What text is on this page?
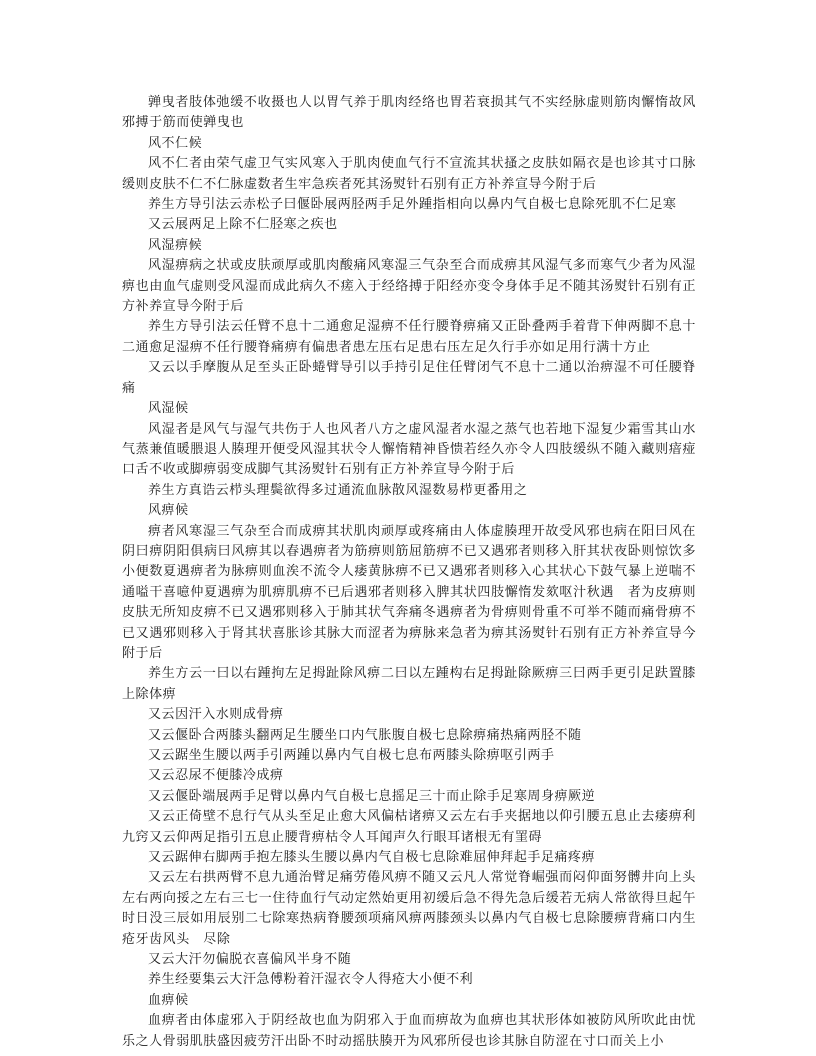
亸曳者肢体弛缓不收摄也人以胃气养于肌肉经络也胃若衰损其气不实经脉虚则筋肉懈惰故风邪搏于筋而使亸曳也

风不仁候

风不仁者由荣气虚卫气实风寒入于肌肉使血气行不宣流其状搔之皮肤如隔衣是也诊其寸口脉缓则皮肤不仁不仁脉虚数者生牢急疾者死其汤熨针石别有正方补养宣导今附于后

养生方导引法云赤松子曰偃卧展两胫两手足外踵指相向以鼻内气自极七息除死肌不仁足寒

又云展两足上除不仁胫寒之疾也

风湿痹候

风湿痹病之状或皮肤顽厚或肌肉酸痛风寒湿三气杂至合而成痹其风湿气多而寒气少者为风湿痹也由血气虚则受风湿而成此病久不瘥入于经络搏于阳经亦变令身体手足不随其汤熨针石别有正方补养宣导今附于后

养生方导引法云任臂不息十二通愈足湿痹不任行腰脊痹痛又正卧叠两手着背下伸两脚不息十二通愈足湿痹不任行腰脊痛痹有偏患者患左压右足患右压左足久行手亦如足用行满十方止

又云以手摩腹从足至头正卧蜷臂导引以手持引足住任臂闭气不息十二通以治痹湿不可任腰脊痛

风湿候

风湿者是风气与湿气共伤于人也风者八方之虚风湿者水湿之蒸气也若地下湿复少霜雪其山水气蒸兼值暖腲退人腠理开便受风湿其状令人懈惰精神昏愦若经久亦令人四肢缓纵不随入藏则瘖痖口舌不收或脚痹弱变成脚气其汤熨针石别有正方补养宣导今附于后

养生方真诰云栉头理鬓欲得多过通流血脉散风湿数易栉更番用之

风痹候

痹者风寒湿三气杂至合而成痹其状肌肉顽厚或疼痛由人体虚腠理开故受风邪也病在阳曰风在阴曰痹阴阳俱病曰风痹其以春遇痹者为筋痹则筋屈筋痹不已又遇邪者则移入肝其状夜卧则惊饮多小便数夏遇痹者为脉痹则血涘不流令人痿黄脉痹不已又遇邪者则移入心其状心下鼓气暴上逆喘不通嗌干喜噫仲夏遇痹为肌痹肌痹不已后遇邪者则移入脾其状四肢懈惰发欬呕汁秋遇　者为皮痹则皮肤无所知皮痹不已又遇邪则移入于肺其状气奔痛冬遇痹者为骨痹则骨重不可举不随而痛骨痹不已又遇邪则移入于肾其状喜胀诊其脉大而涩者为痹脉来急者为痹其汤熨针石别有正方补养宣导今附于后

养生方云一曰以右踵拘左足拇趾除风痹二曰以左踵构右足拇趾除厥痹三曰两手更引足趺置膝上除体痹

又云因汗入水则成骨痹

又云偃卧合两膝头翻两足生腰坐口内气胀腹自极七息除痹痛热痛两胫不随

又云踞坐生腰以两手引两踵以鼻内气自极七息布两膝头除痹呕引两手

又云忍尿不便膝冷成痹

又云偃卧端展两手足臂以鼻内气自极七息摇足三十而止除手足寒周身痹厥逆

又云正倚壁不息行气从头至足止愈大风偏枯诸痹又云左右手夹据地以仰引腰五息止去痿痹利九窍又云仰两足指引五息止腰背痹枯令人耳闻声久行眼耳诸根无有罣碍

又云踞伸右脚两手抱左膝头生腰以鼻内气自极七息除难屈伸拜起手足痛疼痹

又云左右拱两臂不息九通治臂足痛劳倦风痹不随又云凡人常觉脊崛强而闷仰面努髆井向上头左右两向挼之左右三七一住待血行气动定然始更用初缓后急不得先急后缓若无病人常欲得旦起午时日没三辰如用辰别二七除寒热病脊腰颈项痛风痹两膝颈头以鼻内气自极七息除腰痹背痛口内生疮牙齿风头　尽除

又云大汗勿偏脱衣喜偏风半身不随

养生经要集云大汗急傅粉着汗湿衣令人得疮大小便不利

血痹候

血痹者由体虚邪入于阴经故也血为阴邪入于血而痹故为血痹也其状形体如被防风所吹此由忧乐之人骨弱肌肤盛因疲劳汗出卧不时动摇肤腠开为风邪所侵也诊其脉自防涩在寸口而关上小
